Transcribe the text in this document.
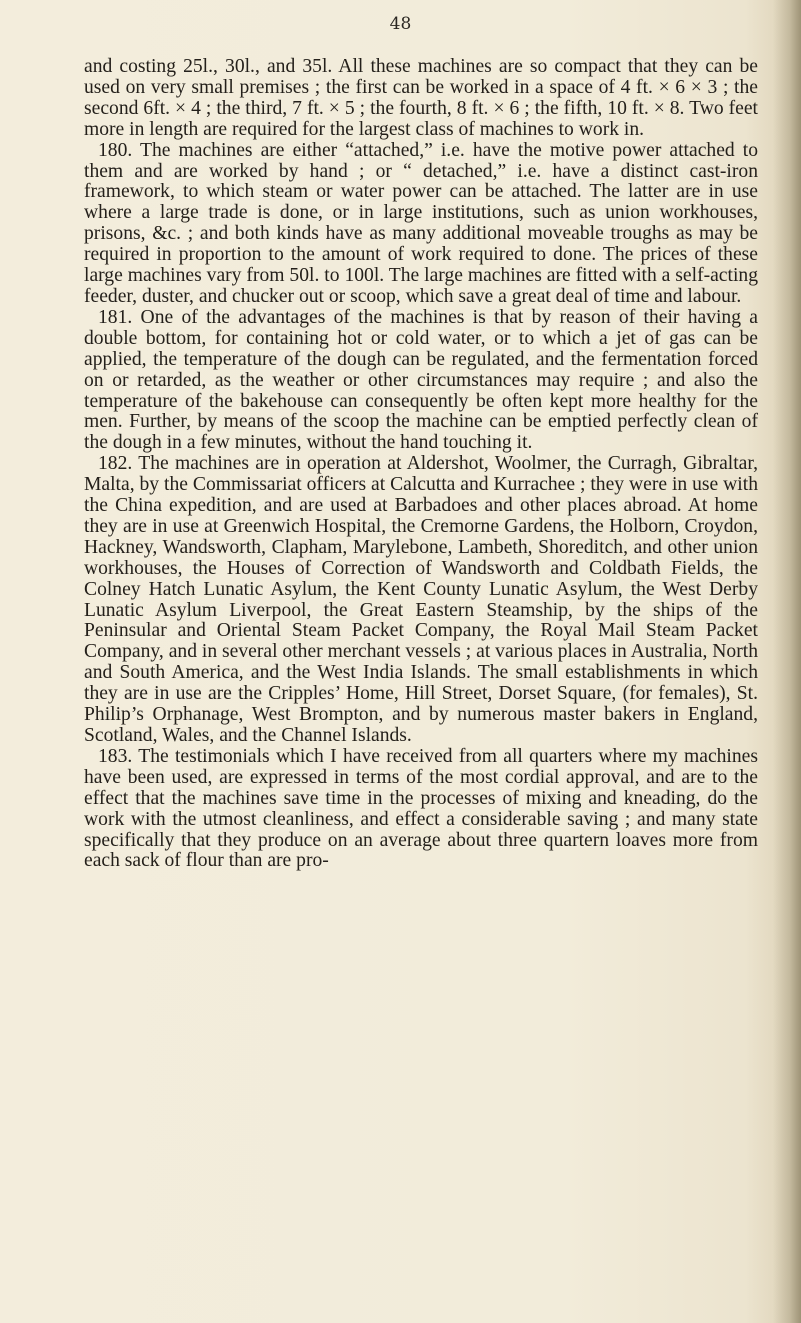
48

and costing 25l., 30l., and 35l. All these machines are so compact that they can be used on very small premises ; the first can be worked in a space of 4 ft. × 6 × 3 ; the second 6ft. × 4 ; the third, 7 ft. × 5 ; the fourth, 8 ft. × 6 ; the fifth, 10 ft. × 8. Two feet more in length are required for the largest class of machines to work in.

180. The machines are either “attached,” i.e. have the motive power attached to them and are worked by hand ; or “ detached,” i.e. have a distinct cast-iron framework, to which steam or water power can be attached. The latter are in use where a large trade is done, or in large institutions, such as union workhouses, prisons, &c. ; and both kinds have as many additional moveable troughs as may be required in proportion to the amount of work required to done. The prices of these large machines vary from 50l. to 100l. The large machines are fitted with a self-acting feeder, duster, and chucker out or scoop, which save a great deal of time and labour.

181. One of the advantages of the machines is that by reason of their having a double bottom, for containing hot or cold water, or to which a jet of gas can be applied, the temperature of the dough can be regulated, and the fermentation forced on or retarded, as the weather or other circumstances may require ; and also the temperature of the bakehouse can consequently be often kept more healthy for the men. Further, by means of the scoop the machine can be emptied perfectly clean of the dough in a few minutes, without the hand touching it.

182. The machines are in operation at Aldershot, Woolmer, the Curragh, Gibraltar, Malta, by the Commissariat officers at Calcutta and Kurrachee ; they were in use with the China expedition, and are used at Barbadoes and other places abroad. At home they are in use at Greenwich Hospital, the Cremorne Gardens, the Holborn, Croydon, Hackney, Wandsworth, Clapham, Marylebone, Lambeth, Shoreditch, and other union workhouses, the Houses of Correction of Wandsworth and Coldbath Fields, the Colney Hatch Lunatic Asylum, the Kent County Lunatic Asylum, the West Derby Lunatic Asylum Liverpool, the Great Eastern Steamship, by the ships of the Peninsular and Oriental Steam Packet Company, the Royal Mail Steam Packet Company, and in several other merchant vessels ; at various places in Australia, North and South America, and the West India Islands. The small establishments in which they are in use are the Cripples’ Home, Hill Street, Dorset Square, (for females), St. Philip’s Orphanage, West Brompton, and by numerous master bakers in England, Scotland, Wales, and the Channel Islands.

183. The testimonials which I have received from all quarters where my machines have been used, are expressed in terms of the most cordial approval, and are to the effect that the machines save time in the processes of mixing and kneading, do the work with the utmost cleanliness, and effect a considerable saving ; and many state specifically that they produce on an average about three quartern loaves more from each sack of flour than are pro-
